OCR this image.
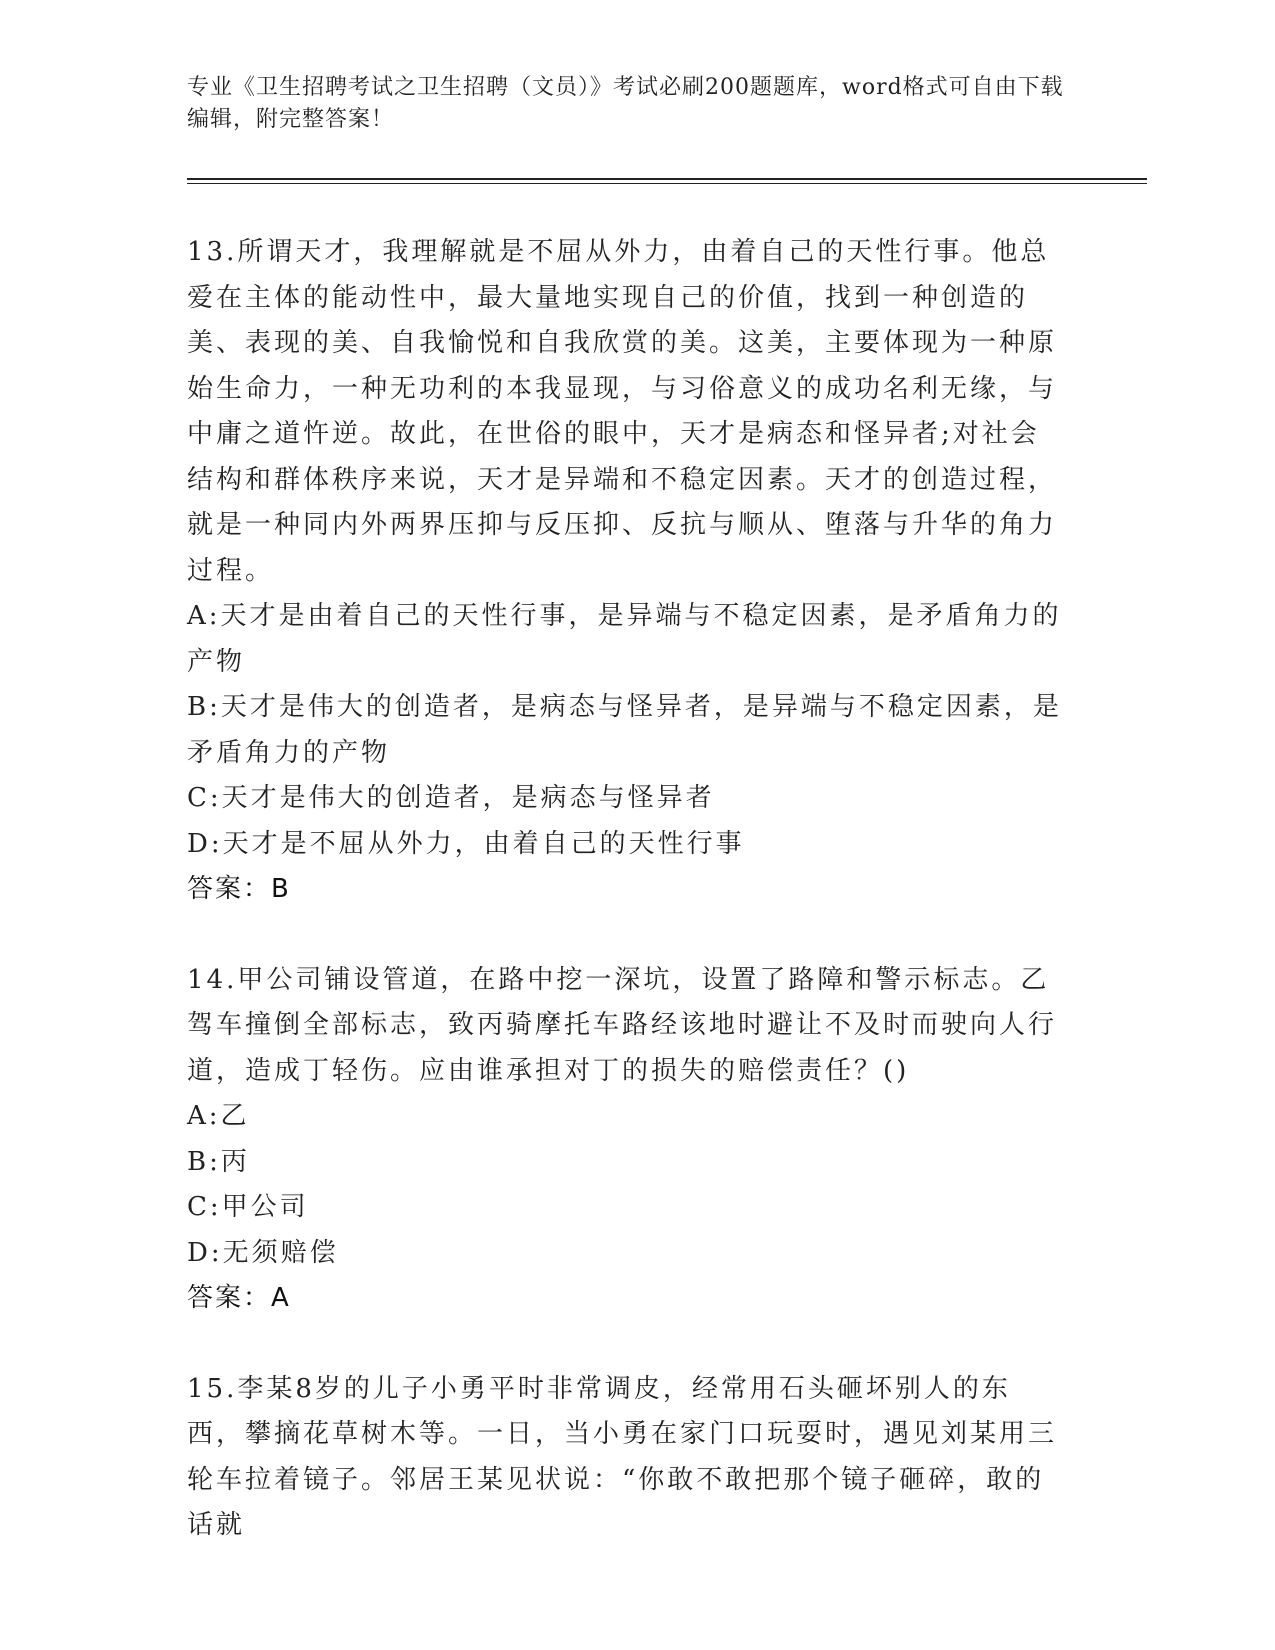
专业《卫生招聘考试之卫生招聘（文员）》考试必刷200题题库，word格式可自由下载编辑，附完整答案！
13.所谓天才，我理解就是不屈从外力，由着自己的天性行事。他总爱在主体的能动性中，最大量地实现自己的价值，找到一种创造的美、表现的美、自我愉悦和自我欣赏的美。这美，主要体现为一种原始生命力，一种无功利的本我显现，与习俗意义的成功名利无缘，与中庸之道忤逆。故此，在世俗的眼中，天才是病态和怪异者;对社会结构和群体秩序来说，天才是异端和不稳定因素。天才的创造过程，就是一种同内外两界压抑与反压抑、反抗与顺从、堕落与升华的角力过程。
A:天才是由着自己的天性行事，是异端与不稳定因素，是矛盾角力的产物
B:天才是伟大的创造者，是病态与怪异者，是异端与不稳定因素，是矛盾角力的产物
C:天才是伟大的创造者，是病态与怪异者
D:天才是不屈从外力，由着自己的天性行事
答案：B
14.甲公司铺设管道，在路中挖一深坑，设置了路障和警示标志。乙驾车撞倒全部标志，致丙骑摩托车路经该地时避让不及时而驶向人行道，造成丁轻伤。应由谁承担对丁的损失的赔偿责任？()
A:乙
B:丙
C:甲公司
D:无须赔偿
答案：A
15.李某8岁的儿子小勇平时非常调皮，经常用石头砸坏别人的东西，攀摘花草树木等。一日，当小勇在家门口玩耍时，遇见刘某用三轮车拉着镜子。邻居王某见状说：“你敢不敢把那个镜子砸碎，敢的话就
